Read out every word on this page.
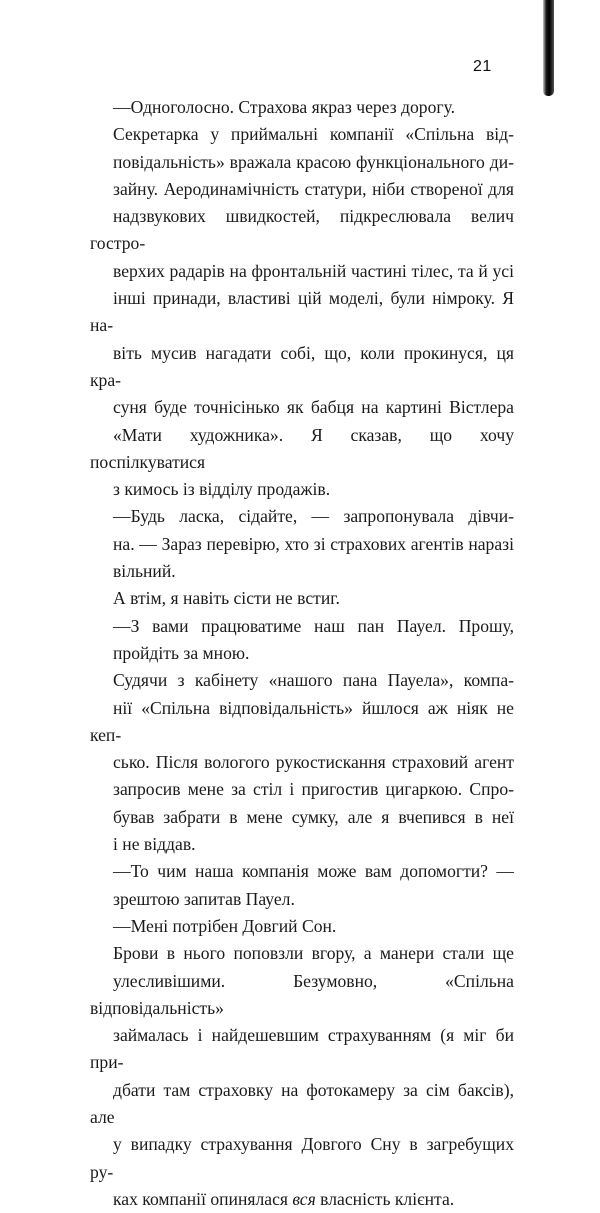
21

—Одноголосно. Страхова якраз через дорогу.

Секретарка у приймальні компанії «Спільна від-
повідальність» вражала красою функціонального ди-
зайну. Аеродинамічність статури, ніби створеної для
надзвукових швидкостей, підкреслювала велич гостро-
верхих радарів на фронтальній частині тілес, та й усі
інші принади, властиві цій моделі, були німроку. Я на-
віть мусив нагадати собі, що, коли прокинуся, ця кра-
суня буде точнісінько як бабця на картині Вістлера
«Мати художника». Я сказав, що хочу поспілкуватися
з кимось із відділу продажів.

—Будь ласка, сідайте, — запропонувала дівчи-
на. — Зараз перевірю, хто зі страхових агентів наразі
вільний.

А втім, я навіть сісти не встиг.

—З вами працюватиме наш пан Пауел. Прошу,
пройдіть за мною.

Судячи з кабінету «нашого пана Пауела», компа-
нії «Спільна відповідальність» йшлося аж ніяк не кеп-
сько. Після вологого рукостискання страховий агент
запросив мене за стіл і пригостив цигаркою. Спро-
бував забрати в мене сумку, але я вчепився в неї
і не віддав.

—То чим наша компанія може вам допомогти? —
зрештою запитав Пауел.

—Мені потрібен Довгий Сон.

Брови в нього поповзли вгору, а манери стали ще
улесливішими. Безумовно, «Спільна відповідальність»
займалась і найдешевшим страхуванням (я міг би при-
дбати там страховку на фотокамеру за сім баксів), але
у випадку страхування Довгого Сну в загребущих ру-
ках компанії опинялася вся власність клієнта.
